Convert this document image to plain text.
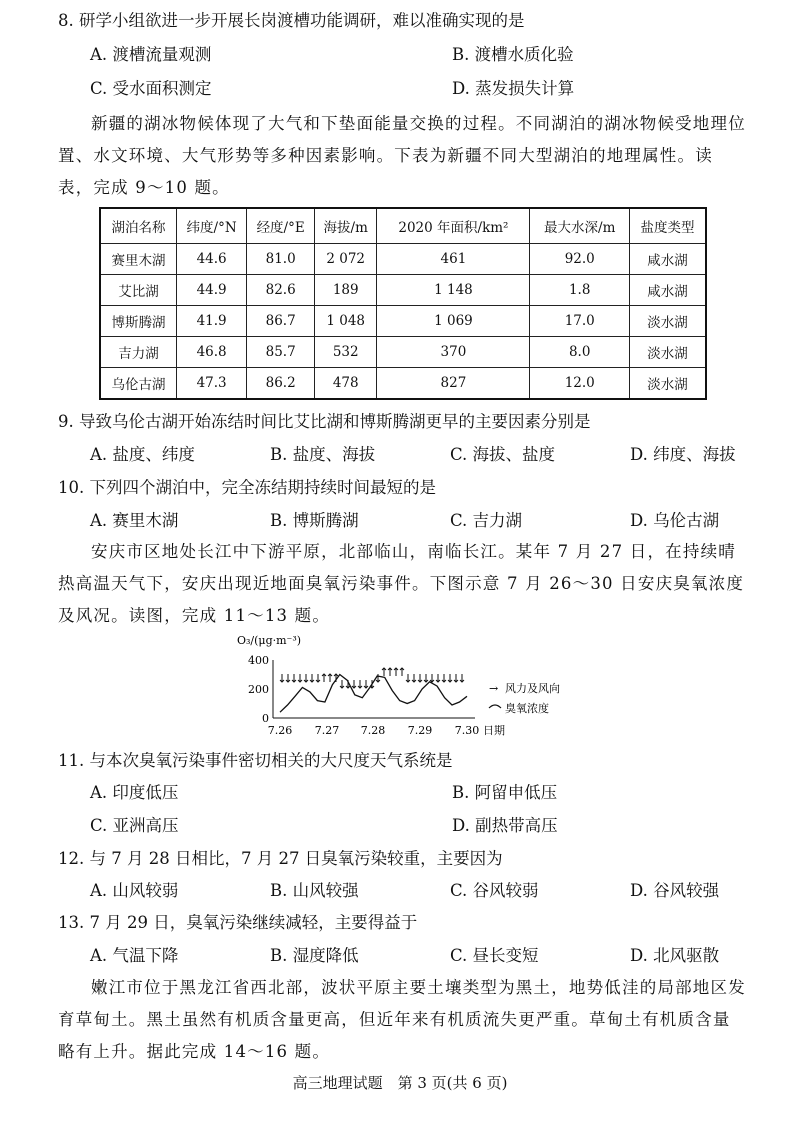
8. 研学小组欲进一步开展长岗渡槽功能调研，难以准确实现的是
A. 渡槽流量观测	B. 渡槽水质化验
C. 受水面积测定	D. 蒸发损失计算
新疆的湖冰物候体现了大气和下垫面能量交换的过程。不同湖泊的湖冰物候受地理位置、水文环境、大气形势等多种因素影响。下表为新疆不同大型湖泊的地理属性。读表，完成 9～10 题。
湖泊名称	纬度/°N	经度/°E	海拔/m	2020 年面积/km²	最大水深/m	盐度类型
赛里木湖	44.6	81.0	2 072	461	92.0	咸水湖
艾比湖	44.9	82.6	189	1 148	1.8	咸水湖
博斯腾湖	41.9	86.7	1 048	1 069	17.0	淡水湖
吉力湖	46.8	85.7	532	370	8.0	淡水湖
乌伦古湖	47.3	86.2	478	827	12.0	淡水湖
9. 导致乌伦古湖开始冻结时间比艾比湖和博斯腾湖更早的主要因素分别是
A. 盐度、纬度	B. 盐度、海拔	C. 海拔、盐度	D. 纬度、海拔
10. 下列四个湖泊中，完全冻结期持续时间最短的是
A. 赛里木湖	B. 博斯腾湖	C. 吉力湖	D. 乌伦古湖
安庆市区地处长江中下游平原，北部临山，南临长江。某年 7 月 27 日，在持续晴热高温天气下，安庆出现近地面臭氧污染事件。下图示意 7 月 26～30 日安庆臭氧浓度及风况。读图，完成 11～13 题。
O₃/(μg·m⁻³)
400
200
0
7.26 7.27 7.28 7.29 7.30 日期
→ 风力及风向
臭氧浓度
11. 与本次臭氧污染事件密切相关的大尺度天气系统是
A. 印度低压	B. 阿留申低压
C. 亚洲高压	D. 副热带高压
12. 与 7 月 28 日相比，7 月 27 日臭氧污染较重，主要因为
A. 山风较弱	B. 山风较强	C. 谷风较弱	D. 谷风较强
13. 7 月 29 日，臭氧污染继续减轻，主要得益于
A. 气温下降	B. 湿度降低	C. 昼长变短	D. 北风驱散
嫩江市位于黑龙江省西北部，波状平原主要土壤类型为黑土，地势低洼的局部地区发育草甸土。黑土虽然有机质含量更高，但近年来有机质流失更严重。草甸土有机质含量略有上升。据此完成 14～16 题。
高三地理试题　第 3 页(共 6 页)
